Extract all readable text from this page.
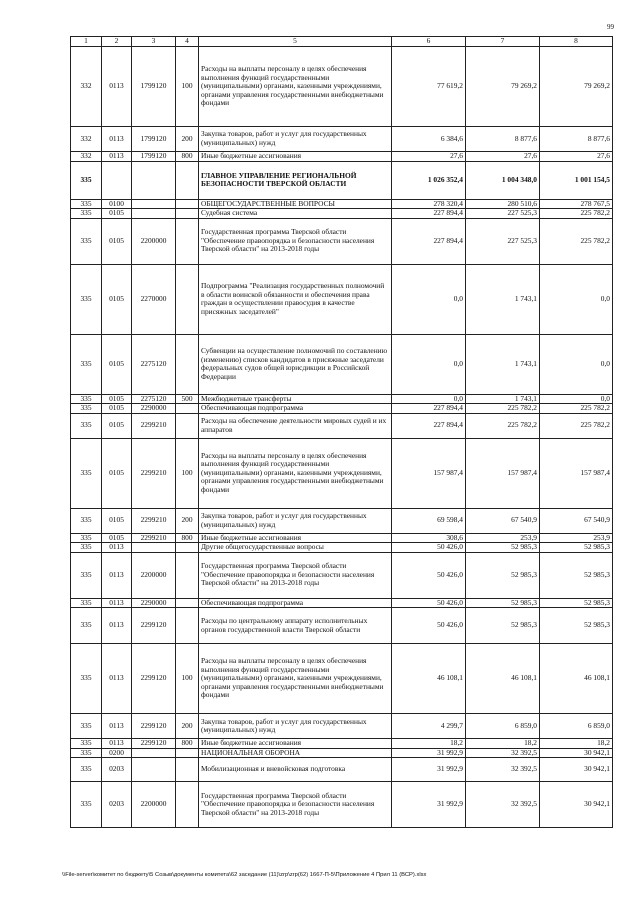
99
1	2	3	4	5	6	7	8
332	0113	1799120	100	Расходы на выплаты персоналу в целях обеспечения выполнения функций государственными (муниципальными) органами, казенными учреждениями, органами управления государственными внебюджетными фондами	77 619,2	79 269,2	79 269,2
332	0113	1799120	200	Закупка товаров, работ и услуг для государственных (муниципальных) нужд	6 384,6	8 877,6	8 877,6
332	0113	1799120	800	Иные бюджетные ассигнования	27,6	27,6	27,6
335				ГЛАВНОЕ УПРАВЛЕНИЕ РЕГИОНАЛЬНОЙ БЕЗОПАСНОСТИ ТВЕРСКОЙ ОБЛАСТИ	1 026 352,4	1 004 348,0	1 001 154,5
335	0100			ОБЩЕГОСУДАРСТВЕННЫЕ ВОПРОСЫ	278 320,4	280 510,6	278 767,5
335	0105			Судебная система	227 894,4	227 525,3	225 782,2
335	0105	2200000		Государственная программа Тверской области "Обеспечение правопорядка и безопасности населения Тверской области" на 2013-2018 годы	227 894,4	227 525,3	225 782,2
335	0105	2270000		Подпрограмма "Реализация государственных полномочий в области воинской обязанности и обеспечения права граждан в осуществлении правосудия в качестве присяжных заседателей"	0,0	1 743,1	0,0
335	0105	2275120		Субвенции на осуществление полномочий по составлению (изменению) списков кандидатов в присяжные заседатели федеральных судов общей юрисдикции в Российской Федерации	0,0	1 743,1	0,0
335	0105	2275120	500	Межбюджетные трансферты	0,0	1 743,1	0,0
335	0105	2290000		Обеспечивающая подпрограмма	227 894,4	225 782,2	225 782,2
335	0105	2299210		Расходы на обеспечение деятельности мировых судей и их аппаратов	227 894,4	225 782,2	225 782,2
335	0105	2299210	100	Расходы на выплаты персоналу в целях обеспечения выполнения функций государственными (муниципальными) органами, казенными учреждениями, органами управления государственными внебюджетными фондами	157 987,4	157 987,4	157 987,4
335	0105	2299210	200	Закупка товаров, работ и услуг для государственных (муниципальных) нужд	69 598,4	67 540,9	67 540,9
335	0105	2299210	800	Иные бюджетные ассигнования	308,6	253,9	253,9
335	0113			Другие общегосударственные вопросы	50 426,0	52 985,3	52 985,3
335	0113	2200000		Государственная программа Тверской области "Обеспечение правопорядка и безопасности населения Тверской области" на 2013-2018 годы	50 426,0	52 985,3	52 985,3
335	0113	2290000		Обеспечивающая подпрограмма	50 426,0	52 985,3	52 985,3
335	0113	2299120		Расходы по центральному аппарату исполнительных органов государственной власти Тверской области	50 426,0	52 985,3	52 985,3
335	0113	2299120	100	Расходы на выплаты персоналу в целях обеспечения выполнения функций государственными (муниципальными) органами, казенными учреждениями, органами управления государственными внебюджетными фондами	46 108,1	46 108,1	46 108,1
335	0113	2299120	200	Закупка товаров, работ и услуг для государственных (муниципальных) нужд	4 299,7	6 859,0	6 859,0
335	0113	2299120	800	Иные бюджетные ассигнования	18,2	18,2	18,2
335	0200			НАЦИОНАЛЬНАЯ ОБОРОНА	31 992,9	32 392,5	30 942,1
335	0203			Мобилизационная и вневойсковая подготовка	31 992,9	32 392,5	30 942,1
335	0203	2200000		Государственная программа Тверской области "Обеспечение правопорядка и безопасности населения Тверской области" на 2013-2018 годы	31 992,9	32 392,5	30 942,1
\\File-server\комитет по бюджету\5 Созыв\документы комитета\62 заседание (11)\zrp\zrp(62) 1667-П-5\Приложение 4 Прил 11 (ВСР).xlsx
